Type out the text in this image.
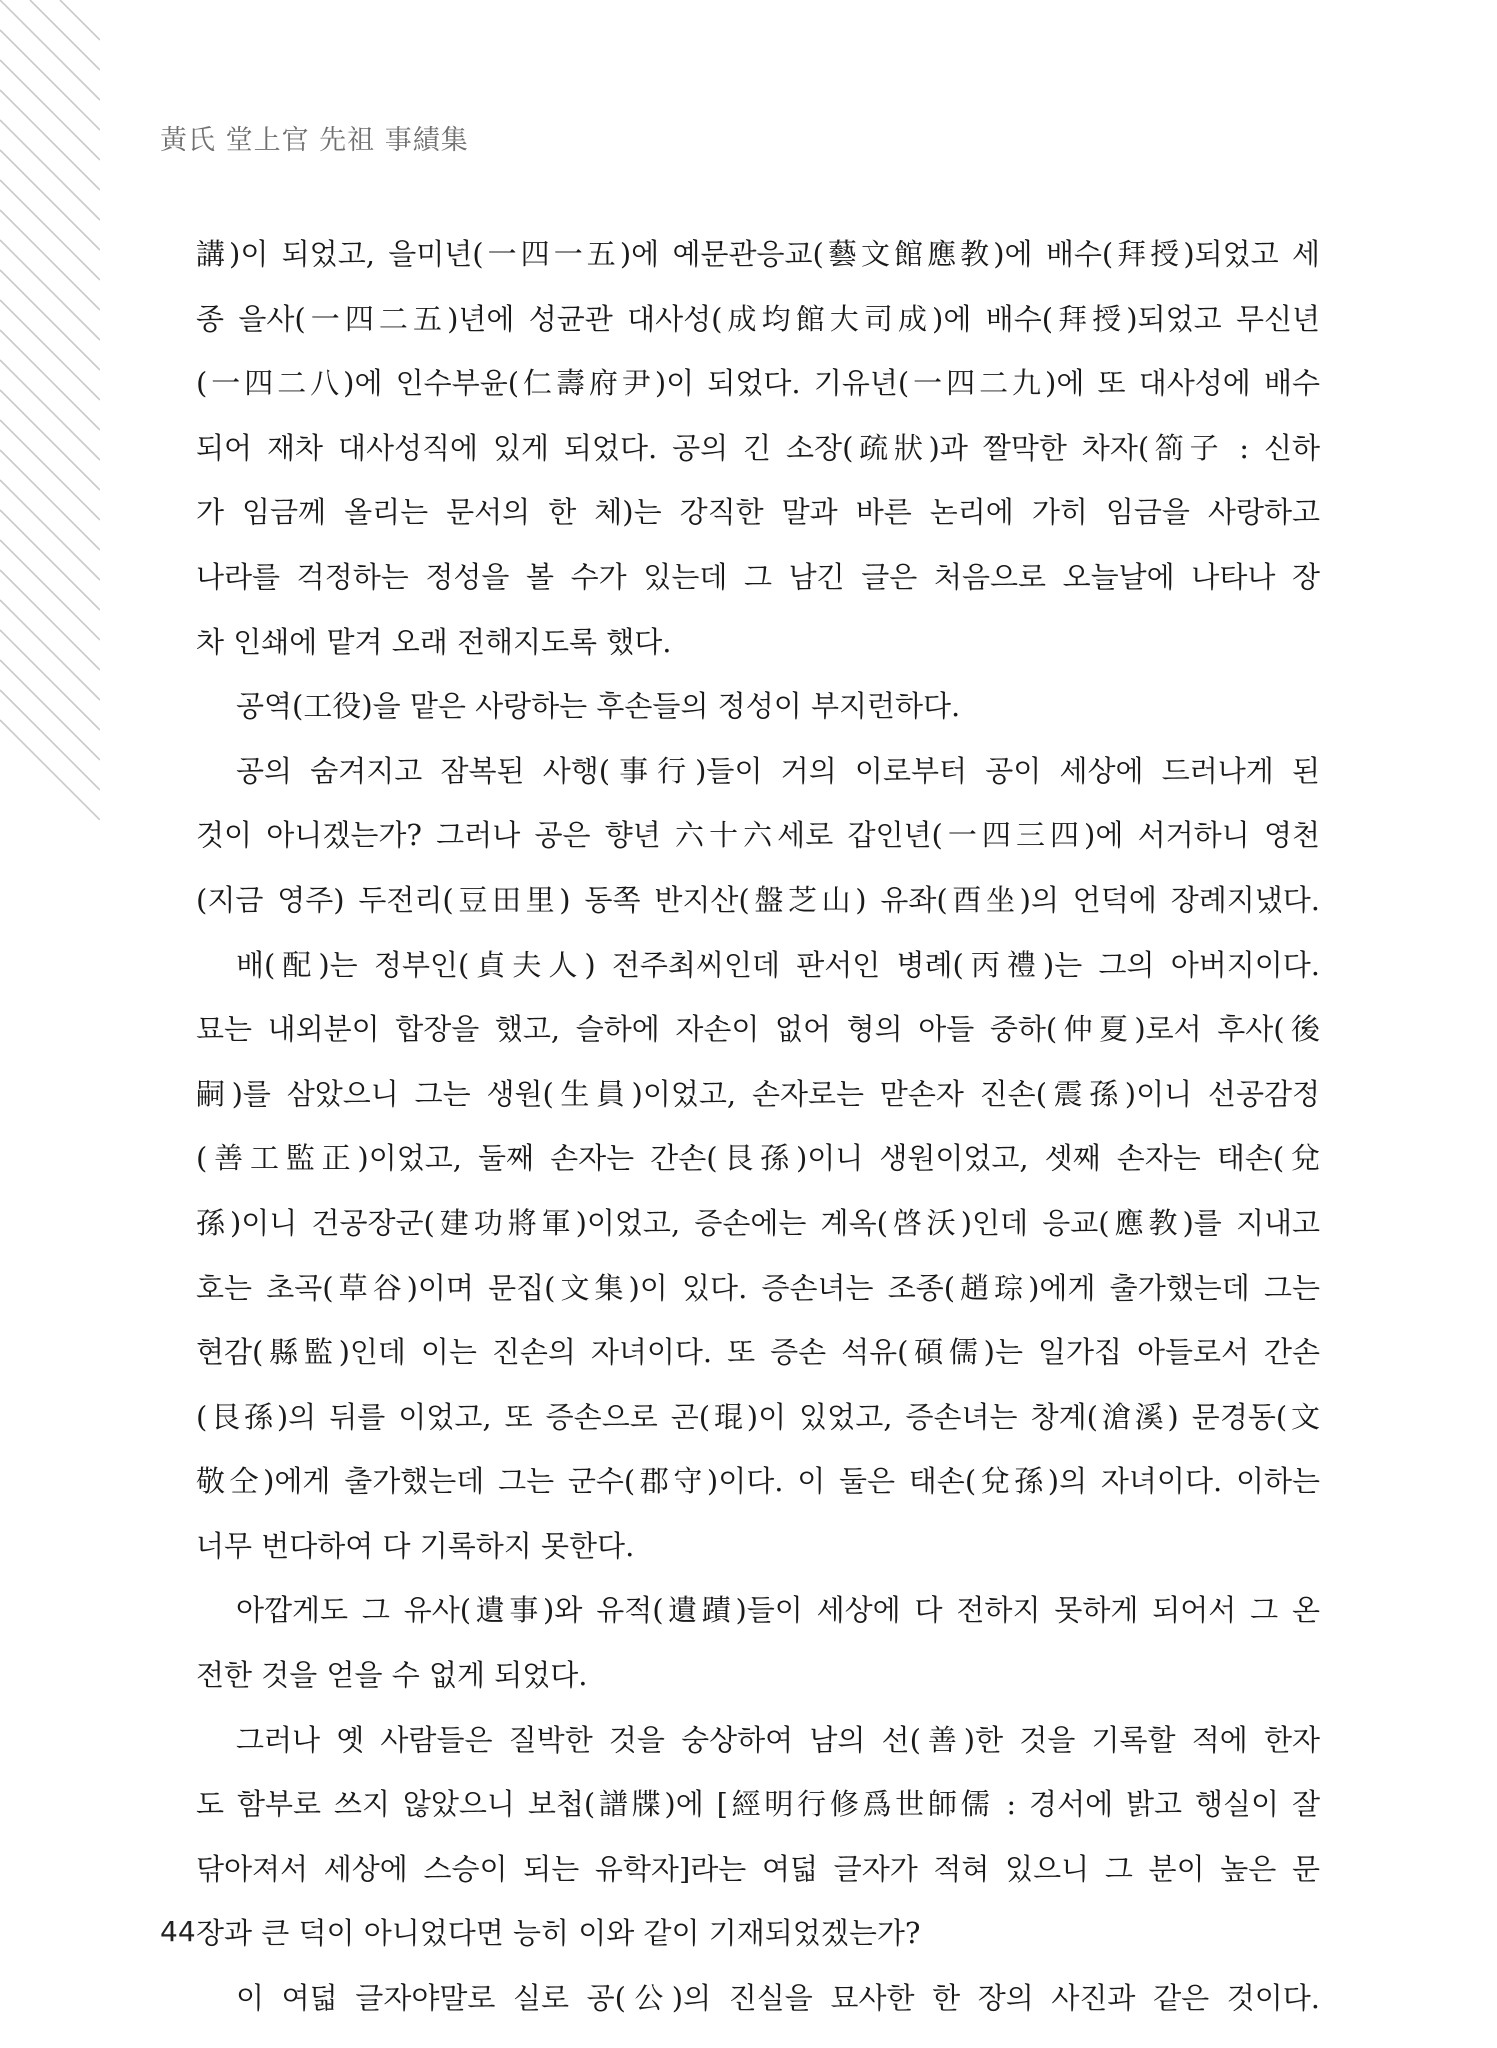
黃氏 堂上官 先祖 事績集

講)이 되었고, 을미년(一四一五)에 예문관응교(藝文館應教)에 배수(拜授)되었고 세

종 을사(一四二五)년에 성균관 대사성(成均館大司成)에 배수(拜授)되었고 무신년

(一四二八)에 인수부윤(仁壽府尹)이 되었다. 기유년(一四二九)에 또 대사성에 배수

되어 재차 대사성직에 있게 되었다. 공의 긴 소장(疏狀)과 짤막한 차자(箚子 : 신하

가 임금께 올리는 문서의 한 체)는 강직한 말과 바른 논리에 가히 임금을 사랑하고

나라를 걱정하는 정성을 볼 수가 있는데 그 남긴 글은 처음으로 오늘날에 나타나 장

차 인쇄에 맡겨 오래 전해지도록 했다.

공역(工役)을 맡은 사랑하는 후손들의 정성이 부지런하다.

공의 숨겨지고 잠복된 사행(事行)들이 거의 이로부터 공이 세상에 드러나게 된

것이 아니겠는가? 그러나 공은 향년 六十六세로 갑인년(一四三四)에 서거하니 영천

(지금 영주) 두전리(豆田里) 동쪽 반지산(盤芝山) 유좌(酉坐)의 언덕에 장례지냈다.

배(配)는 정부인(貞夫人) 전주최씨인데 판서인 병례(丙禮)는 그의 아버지이다.

묘는 내외분이 합장을 했고, 슬하에 자손이 없어 형의 아들 중하(仲夏)로서 후사(後

嗣)를 삼았으니 그는 생원(生員)이었고, 손자로는 맏손자 진손(震孫)이니 선공감정

(善工監正)이었고, 둘째 손자는 간손(艮孫)이니 생원이었고, 셋째 손자는 태손(兌

孫)이니 건공장군(建功將軍)이었고, 증손에는 계옥(啓沃)인데 응교(應教)를 지내고

호는 초곡(草谷)이며 문집(文集)이 있다. 증손녀는 조종(趙琮)에게 출가했는데 그는

현감(縣監)인데 이는 진손의 자녀이다. 또 증손 석유(碩儒)는 일가집 아들로서 간손

(艮孫)의 뒤를 이었고, 또 증손으로 곤(琨)이 있었고, 증손녀는 창계(滄溪) 문경동(文

敬仝)에게 출가했는데 그는 군수(郡守)이다. 이 둘은 태손(兌孫)의 자녀이다. 이하는

너무 번다하여 다 기록하지 못한다.

아깝게도 그 유사(遺事)와 유적(遺蹟)들이 세상에 다 전하지 못하게 되어서 그 온

전한 것을 얻을 수 없게 되었다.

그러나 옛 사람들은 질박한 것을 숭상하여 남의 선(善)한 것을 기록할 적에 한자

도 함부로 쓰지 않았으니 보첩(譜牒)에 [經明行修爲世師儒 : 경서에 밝고 행실이 잘

닦아져서 세상에 스승이 되는 유학자]라는 여덟 글자가 적혀 있으니 그 분이 높은 문

장과 큰 덕이 아니었다면 능히 이와 같이 기재되었겠는가?

이 여덟 글자야말로 실로 공(公)의 진실을 묘사한 한 장의 사진과 같은 것이다.

44
